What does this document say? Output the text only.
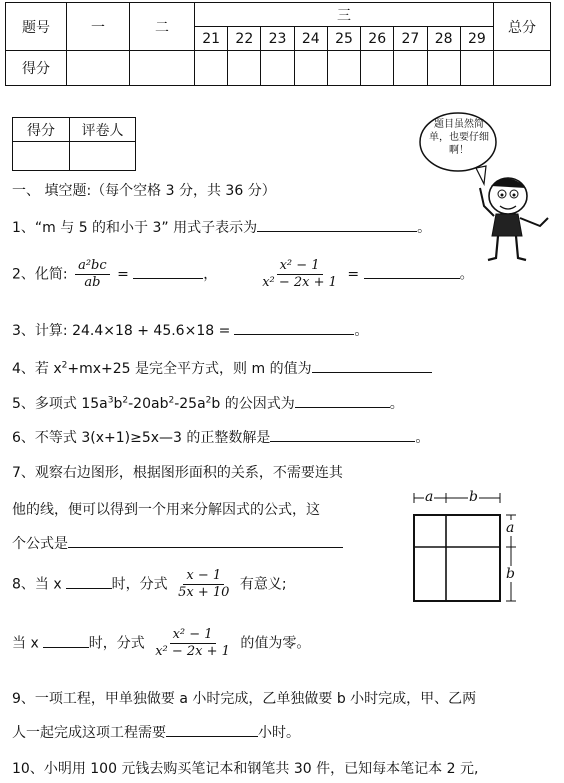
题号	一	二	三									总分
			21	22	23	24	25	26	27	28	29	
得分												
得分	评卷人
		题目虽然简单，也要仔细啊！
一、 填空题:（每个空格 3 分，共 36 分）
1、“m 与 5 的和小于 3” 用式子表示为	。
2、化简: $\frac{\text{a²bc}}{ab}$ =	，	$\frac{\text{x² − 1}}{\text{x² − 2x + 1}}$ =	。
3、计算: 24.4×18 + 45.6×18 =	。
4、若 $x^2+mx+25$ 是完全平方式，则 m 的值为
5、多项式 $15a^3b^2-20ab^2-25a^2b$ 的公因式为	。
6、不等式 3(x+1)≥5x—3 的正整数解是	。
7、观察右边图形，根据图形面积的关系，不需要连其
他的线，便可以得到一个用来分解因式的公式，这
个公式是
a	b
a
b
8、当 x	时，分式 $\frac{x - 1}{5x + 10}$ 有意义;
当 x	时，分式 $\frac{\text{x² − 1}}{\text{x² − 2x + 1}}$ 的值为零。
9、一项工程，甲单独做要 a 小时完成，乙单独做要 b 小时完成，甲、乙两
人一起完成这项工程需要	小时。
10、小明用 100 元钱去购买笔记本和钢笔共 30 件，已知每本笔记本 2 元,
